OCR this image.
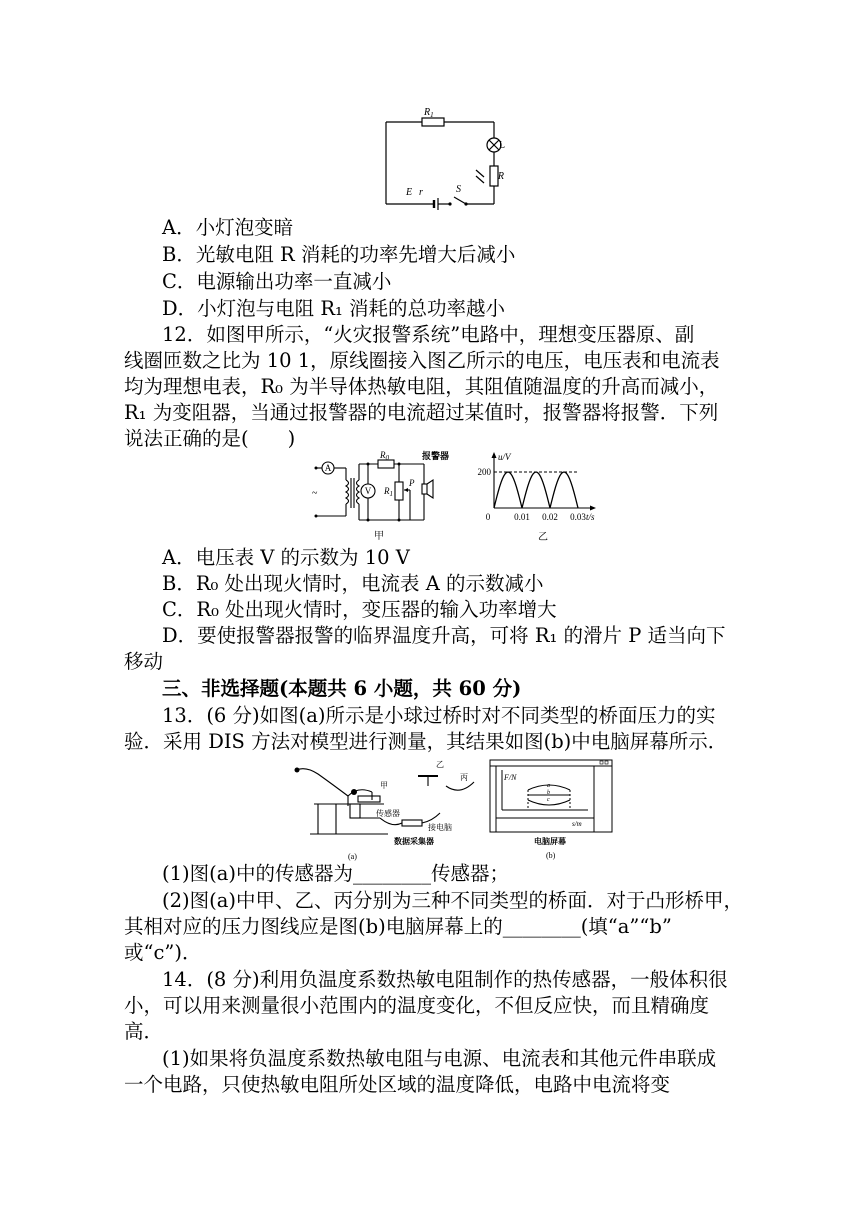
$R_1$
L
R
E r	S
A．小灯泡变暗
B．光敏电阻 R 消耗的功率先增大后减小
C．电源输出功率一直减小
D．小灯泡与电阻 R₁ 消耗的总功率越小
12．如图甲所示，“火灾报警系统”电路中，理想变压器原、副
线圈匝数之比为 10 1，原线圈接入图乙所示的电压，电压表和电流表
均为理想电表，R₀ 为半导体热敏电阻，其阻值随温度的升高而减小，
R₁ 为变阻器，当通过报警器的电流超过某值时，报警器将报警．下列
说法正确的是(　　)
A
V
~
$R_0$
$R_1$
P
报警器
甲
u/V
200
0	0.01 0.02 0.03 t/s
乙
A．电压表 V 的示数为 10 V
B．R₀ 处出现火情时，电流表 A 的示数减小
C．R₀ 处出现火情时，变压器的输入功率增大
D．要使报警器报警的临界温度升高，可将 R₁ 的滑片 P 适当向下
移动
三、非选择题(本题共 6 小题，共 60 分)
13．(6 分)如图(a)所示是小球过桥时对不同类型的桥面压力的实
验．采用 DIS 方法对模型进行测量，其结果如图(b)中电脑屏幕所示．
甲
乙
丙
传感器
接电脑
数据采集器
(a)
F/N
a
b
c
s/m
电脑屏幕
(b)
(1)图(a)中的传感器为________传感器；
(2)图(a)中甲、乙、丙分别为三种不同类型的桥面．对于凸形桥甲，
其相对应的压力图线应是图(b)电脑屏幕上的________(填“a”“b”
或“c”)．
14．(8 分)利用负温度系数热敏电阻制作的热传感器，一般体积很
小，可以用来测量很小范围内的温度变化，不但反应快，而且精确度
高．
(1)如果将负温度系数热敏电阻与电源、电流表和其他元件串联成
一个电路，只使热敏电阻所处区域的温度降低，电路中电流将变
